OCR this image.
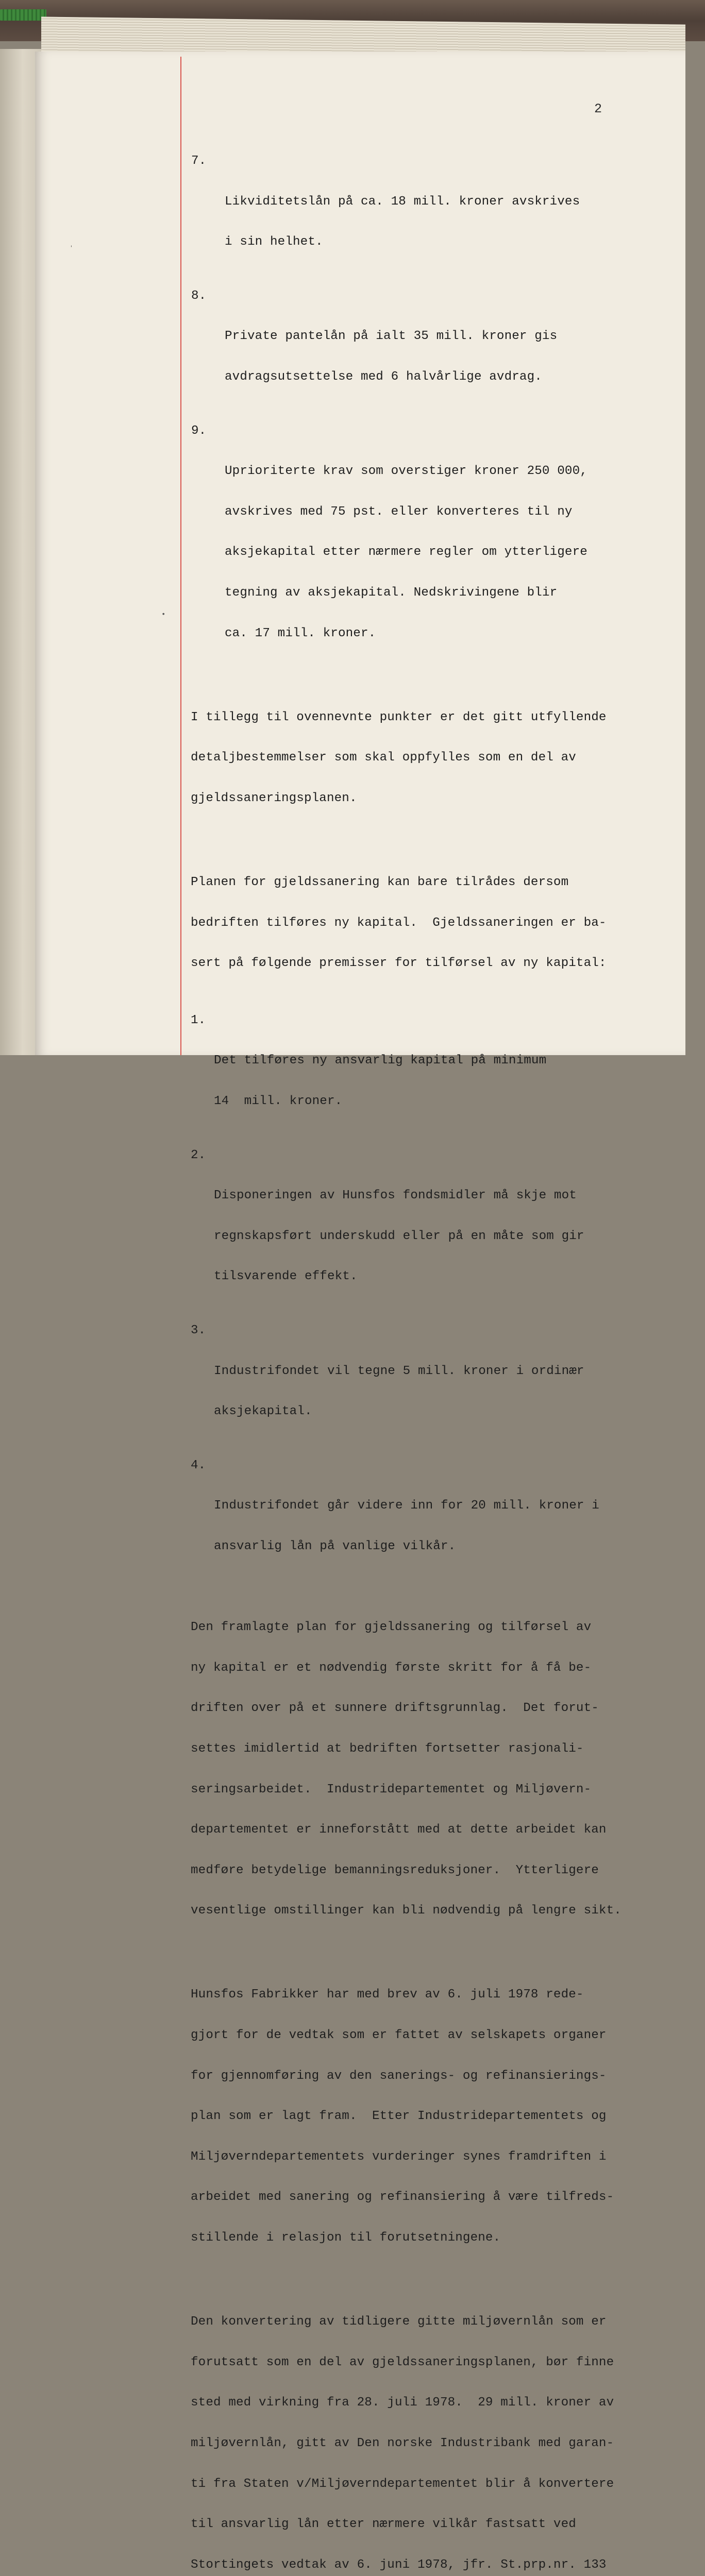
ˌ
•
2

7.

Likviditetslån på ca. 18 mill. kroner avskrives

i sin helhet.

8.

Private pantelån på ialt 35 mill. kroner gis

avdragsutsettelse med 6 halvårlige avdrag.

9.

Uprioriterte krav som overstiger kroner 250 000,

avskrives med 75 pst. eller konverteres til ny

aksjekapital etter nærmere regler om ytterligere

tegning av aksjekapital. Nedskrivingene blir

ca. 17 mill. kroner.

I tillegg til ovennevnte punkter er det gitt utfyllende

detaljbestemmelser som skal oppfylles som en del av

gjeldssaneringsplanen.

Planen for gjeldssanering kan bare tilrådes dersom

bedriften tilføres ny kapital.  Gjeldssaneringen er ba-

sert på følgende premisser for tilførsel av ny kapital:

1.

Det tilføres ny ansvarlig kapital på minimum

14  mill. kroner.

2.

Disponeringen av Hunsfos fondsmidler må skje mot

regnskapsført underskudd eller på en måte som gir

tilsvarende effekt.

3.

Industrifondet vil tegne 5 mill. kroner i ordinær

aksjekapital.

4.

Industrifondet går videre inn for 20 mill. kroner i

ansvarlig lån på vanlige vilkår.

Den framlagte plan for gjeldssanering og tilførsel av

ny kapital er et nødvendig første skritt for å få be-

driften over på et sunnere driftsgrunnlag.  Det forut-

settes imidlertid at bedriften fortsetter rasjonali-

seringsarbeidet.  Industridepartementet og Miljøvern-

departementet er inneforstått med at dette arbeidet kan

medføre betydelige bemanningsreduksjoner.  Ytterligere

vesentlige omstillinger kan bli nødvendig på lengre sikt.

Hunsfos Fabrikker har med brev av 6. juli 1978 rede-

gjort for de vedtak som er fattet av selskapets organer

for gjennomføring av den sanerings- og refinansierings-

plan som er lagt fram.  Etter Industridepartementets og

Miljøverndepartementets vurderinger synes framdriften i

arbeidet med sanering og refinansiering å være tilfreds-

stillende i relasjon til forutsetningene.

Den konvertering av tidligere gitte miljøvernlån som er

forutsatt som en del av gjeldssaneringsplanen, bør finne

sted med virkning fra 28. juli 1978.  29 mill. kroner av

miljøvernlån, gitt av Den norske Industribank med garan-

ti fra Staten v/Miljøverndepartementet blir å konvertere

til ansvarlig lån etter nærmere vilkår fastsatt ved

Stortingets vedtak av 6. juni 1978, jfr. St.prp.nr. 133
